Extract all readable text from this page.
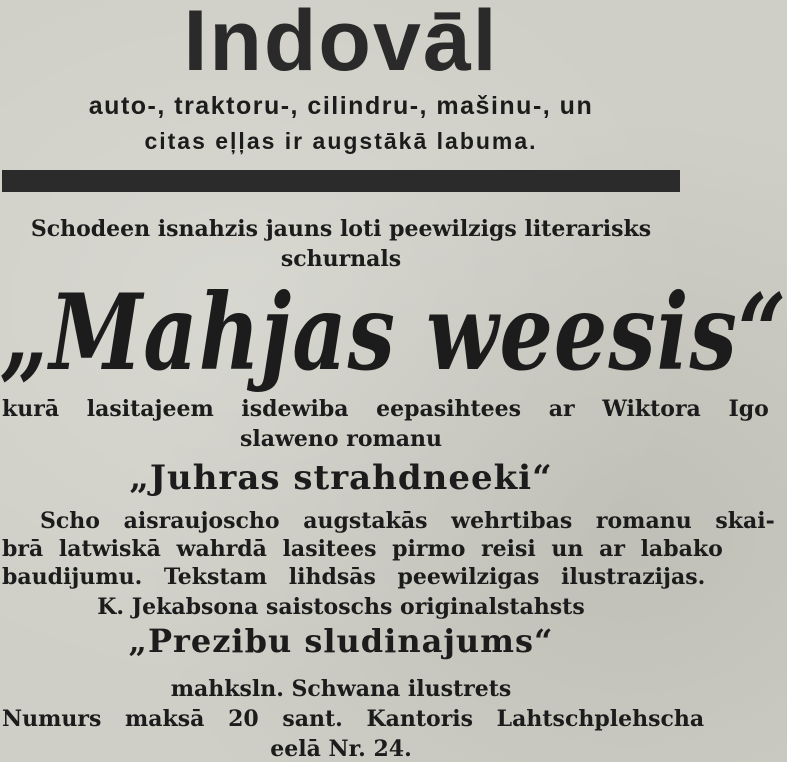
Indovāl
auto-, traktoru-, cilindru-, mašinu-, un
citas eļļas ir augstākā labuma.
Schodeen isnahzis jauns loti peewilzigs literarisks
schurnals
„Mahjas weesis“
kurā lasitajeem isdewiba eepasihtees ar Wiktora Igo
slaweno romanu
„Juhras strahdneeki“
Scho aisraujoscho augstakās wehrtibas romanu skai-
brā latwiskā wahrdā lasitees pirmo reisi un ar labako
baudijumu. Tekstam lihdsās peewilzigas ilustrazijas.
K. Jekabsona saistoschs originalstahsts
„Prezibu sludinajums“
mahksln. Schwana ilustrets
Numurs maksā 20 sant. Kantoris Lahtschplehscha
eelā Nr. 24.
